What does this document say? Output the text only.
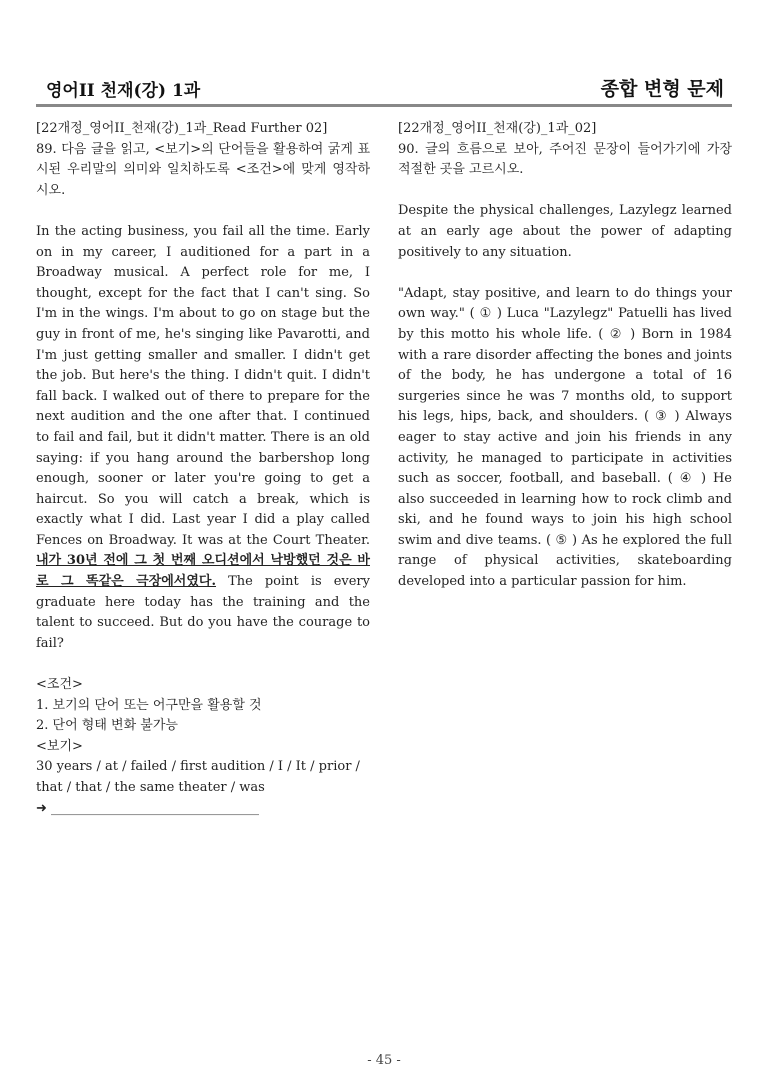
영어II 천재(강) 1과	종합 변형 문제

[22개정_영어II_천재(강)_1과_Read Further 02]

89. 다음 글을 읽고, <보기>의 단어들을 활용하여 굵게 표시된 우리말의 의미와 일치하도록 <조건>에 맞게 영작하시오.

In the acting business, you fail all the time. Early on in my career, I auditioned for a part in a Broadway musical. A perfect role for me, I thought, except for the fact that I can't sing. So I'm in the wings. I'm about to go on stage but the guy in front of me, he's singing like Pavarotti, and I'm just getting smaller and smaller. I didn't get the job. But here's the thing. I didn't quit. I didn't fall back. I walked out of there to prepare for the next audition and the one after that. I continued to fail and fail, but it didn't matter. There is an old saying: if you hang around the barbershop long enough, sooner or later you're going to get a haircut. So you will catch a break, which is exactly what I did. Last year I did a play called Fences on Broadway. It was at the Court Theater. 내가 30년 전에 그 첫 번째 오디션에서 낙방했던 것은 바로 그 똑같은 극장에서였다. The point is every graduate here today has the training and the talent to succeed. But do you have the courage to fail?

<조건>

1. 보기의 단어 또는 어구만을 활용할 것

2. 단어 형태 변화 불가능

<보기>

30 years / at / failed / first audition / I / It / prior / that / that / the same theater / was

➜ ________________________________

[22개정_영어II_천재(강)_1과_02]

90. 글의 흐름으로 보아, 주어진 문장이 들어가기에 가장 적절한 곳을 고르시오.

Despite the physical challenges, Lazylegz learned at an early age about the power of adapting positively to any situation.

"Adapt, stay positive, and learn to do things your own way." ( ① ) Luca "Lazylegz" Patuelli has lived by this motto his whole life. ( ② ) Born in 1984 with a rare disorder affecting the bones and joints of the body, he has undergone a total of 16 surgeries since he was 7 months old, to support his legs, hips, back, and shoulders. ( ③ ) Always eager to stay active and join his friends in any activity, he managed to participate in activities such as soccer, football, and baseball. ( ④ ) He also succeeded in learning how to rock climb and ski, and he found ways to join his high school swim and dive teams. ( ⑤ ) As he explored the full range of physical activities, skateboarding developed into a particular passion for him.

- 45 -
